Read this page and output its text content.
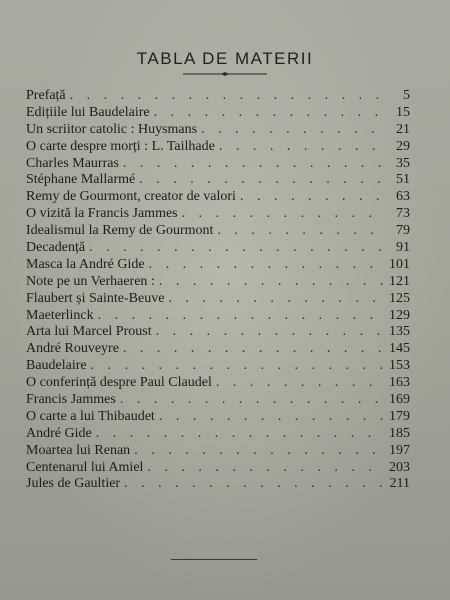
TABLA DE MATERII
Prefață . . .	5
Edițiile lui Baudelaire . . .	15
Un scriitor catolic : Huysmans . . .	21
O carte despre morți : L. Tailhade . . .	29
Charles Maurras . . .	35
Stéphane Mallarmé . . .	51
Remy de Gourmont, creator de valori . . .	63
O vizită la Francis Jammes . . .	73
Idealismul la Remy de Gourmont . . .	79
Decadență . . .	91
Masca la André Gide . . .	101
Note pe un Verhaeren : . . .	121
Flaubert și Sainte-Beuve . . .	125
Maeterlinck . . .	129
Arta lui Marcel Proust . . .	135
André Rouveyre . . .	145
Baudelaire . . .	153
O conferință despre Paul Claudel . . .	163
Francis Jammes . . .	169
O carte a lui Thibaudet . . .	179
André Gide . . .	185
Moartea lui Renan . . .	197
Centenarul lui Amiel . . .	203
Jules de Gaultier . . .	211
